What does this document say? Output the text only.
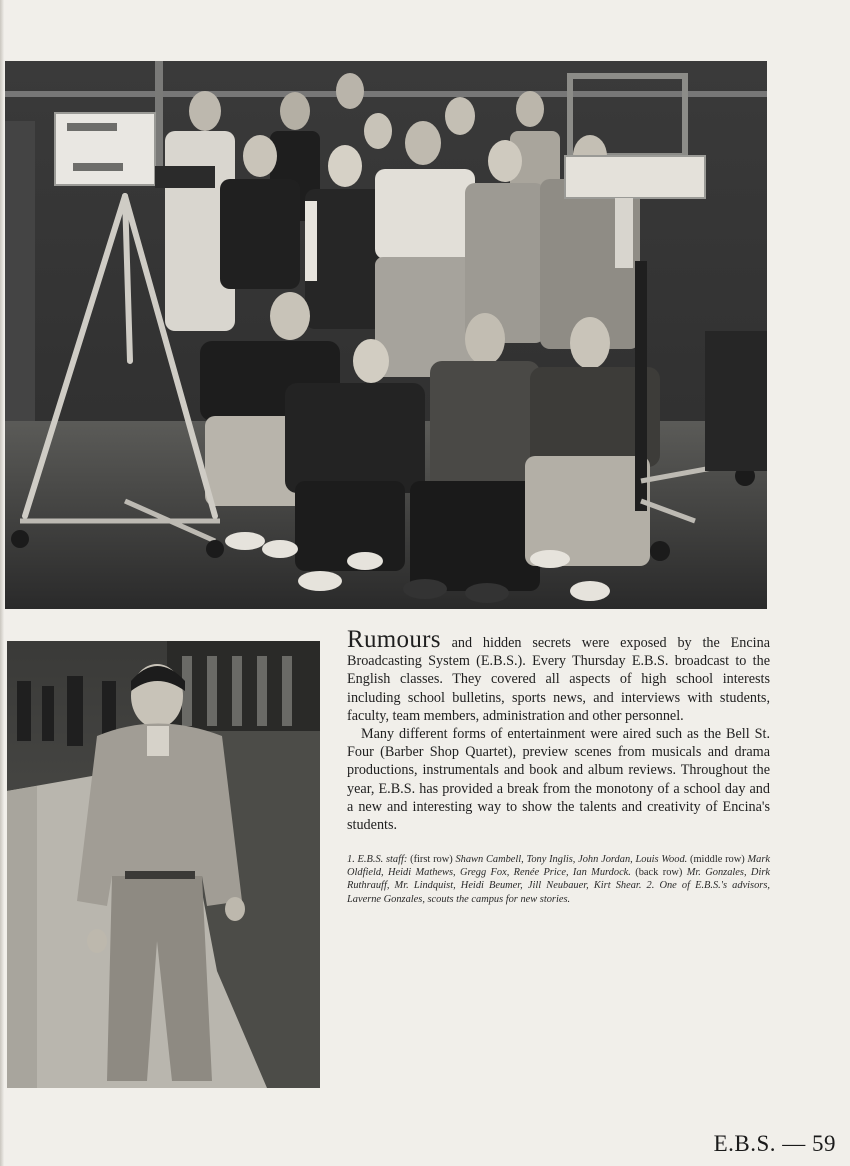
Rumours and hidden secrets were exposed by the Encina Broadcasting System (E.B.S.). Every Thursday E.B.S. broadcast to the English classes. They covered all aspects of high school interests including school bulletins, sports news, and interviews with students, faculty, team members, administration and other personnel.

Many different forms of entertainment were aired such as the Bell St. Four (Barber Shop Quartet), preview scenes from musicals and drama productions, instrumentals and book and album reviews. Throughout the year, E.B.S. has provided a break from the monotony of a school day and a new and interesting way to show the talents and creativity of Encina's students.

1. E.B.S. staff: (first row) Shawn Cambell, Tony Inglis, John Jordan, Louis Wood. (middle row) Mark Oldfield, Heidi Mathews, Gregg Fox, Renée Price, Ian Murdock. (back row) Mr. Gonzales, Dirk Ruthrauff, Mr. Lindquist, Heidi Beumer, Jill Neubauer, Kirt Shear. 2. One of E.B.S.'s advisors, Laverne Gonzales, scouts the campus for new stories.
E.B.S. — 59
